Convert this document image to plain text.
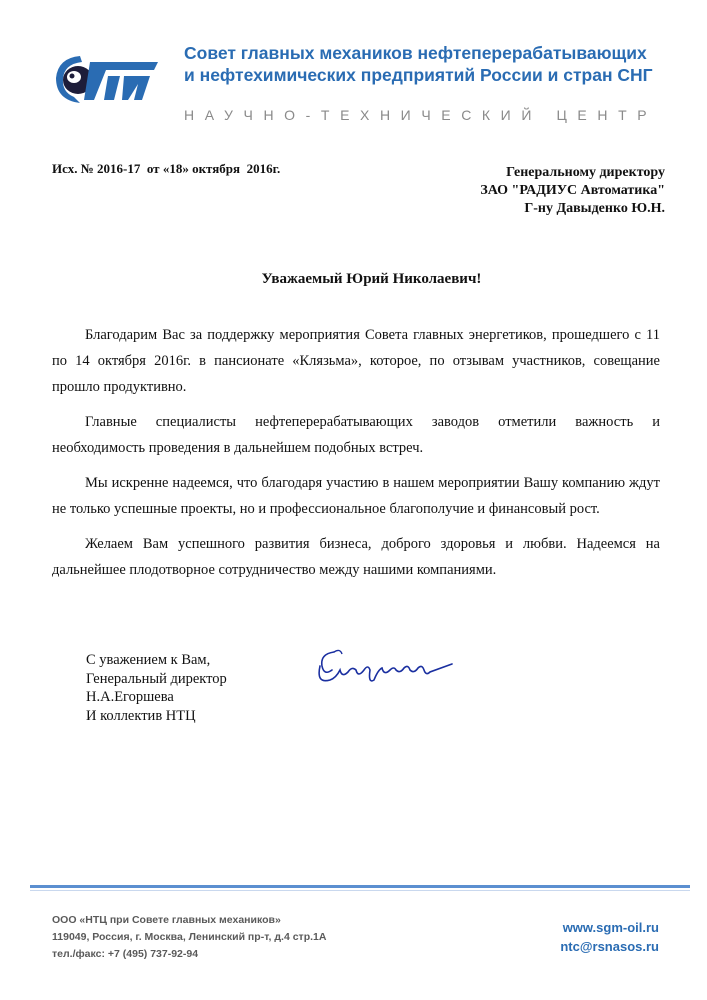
Совет главных механиков нефтеперерабатывающих
и нефтехимических предприятий России и стран СНГ
НАУЧНО-ТЕХНИЧЕСКИЙ ЦЕНТР
Исх. № 2016-17  от «18» октября  2016г.	Генеральному директору
ЗАО "РАДИУС Автоматика"
Г-ну Давыденко Ю.Н.
Уважаемый Юрий Николаевич!

Благодарим Вас за поддержку мероприятия Совета главных энергетиков, прошедшего с 11 по 14 октября 2016г. в пансионате «Клязьма», которое, по отзывам участников, совещание прошло продуктивно.

Главные специалисты нефтеперерабатывающих заводов отметили важность и необходимость проведения в дальнейшем подобных встреч.

Мы искренне надеемся, что благодаря участию в нашем мероприятии Вашу компанию ждут не только успешные проекты, но и профессиональное благополучие и финансовый рост.

Желаем Вам успешного развития бизнеса, доброго здоровья и любви. Надеемся на дальнейшее плодотворное сотрудничество между нашими компаниями.

С уважением к Вам,
Генеральный директор
Н.А.Егоршева
И коллектив НТЦ
ООО «НТЦ при Совете главных механиков»
119049, Россия, г. Москва, Ленинский пр-т, д.4 стр.1А
тел./факс: +7 (495) 737-92-94
www.sgm-oil.ru
ntc@rsnasos.ru
